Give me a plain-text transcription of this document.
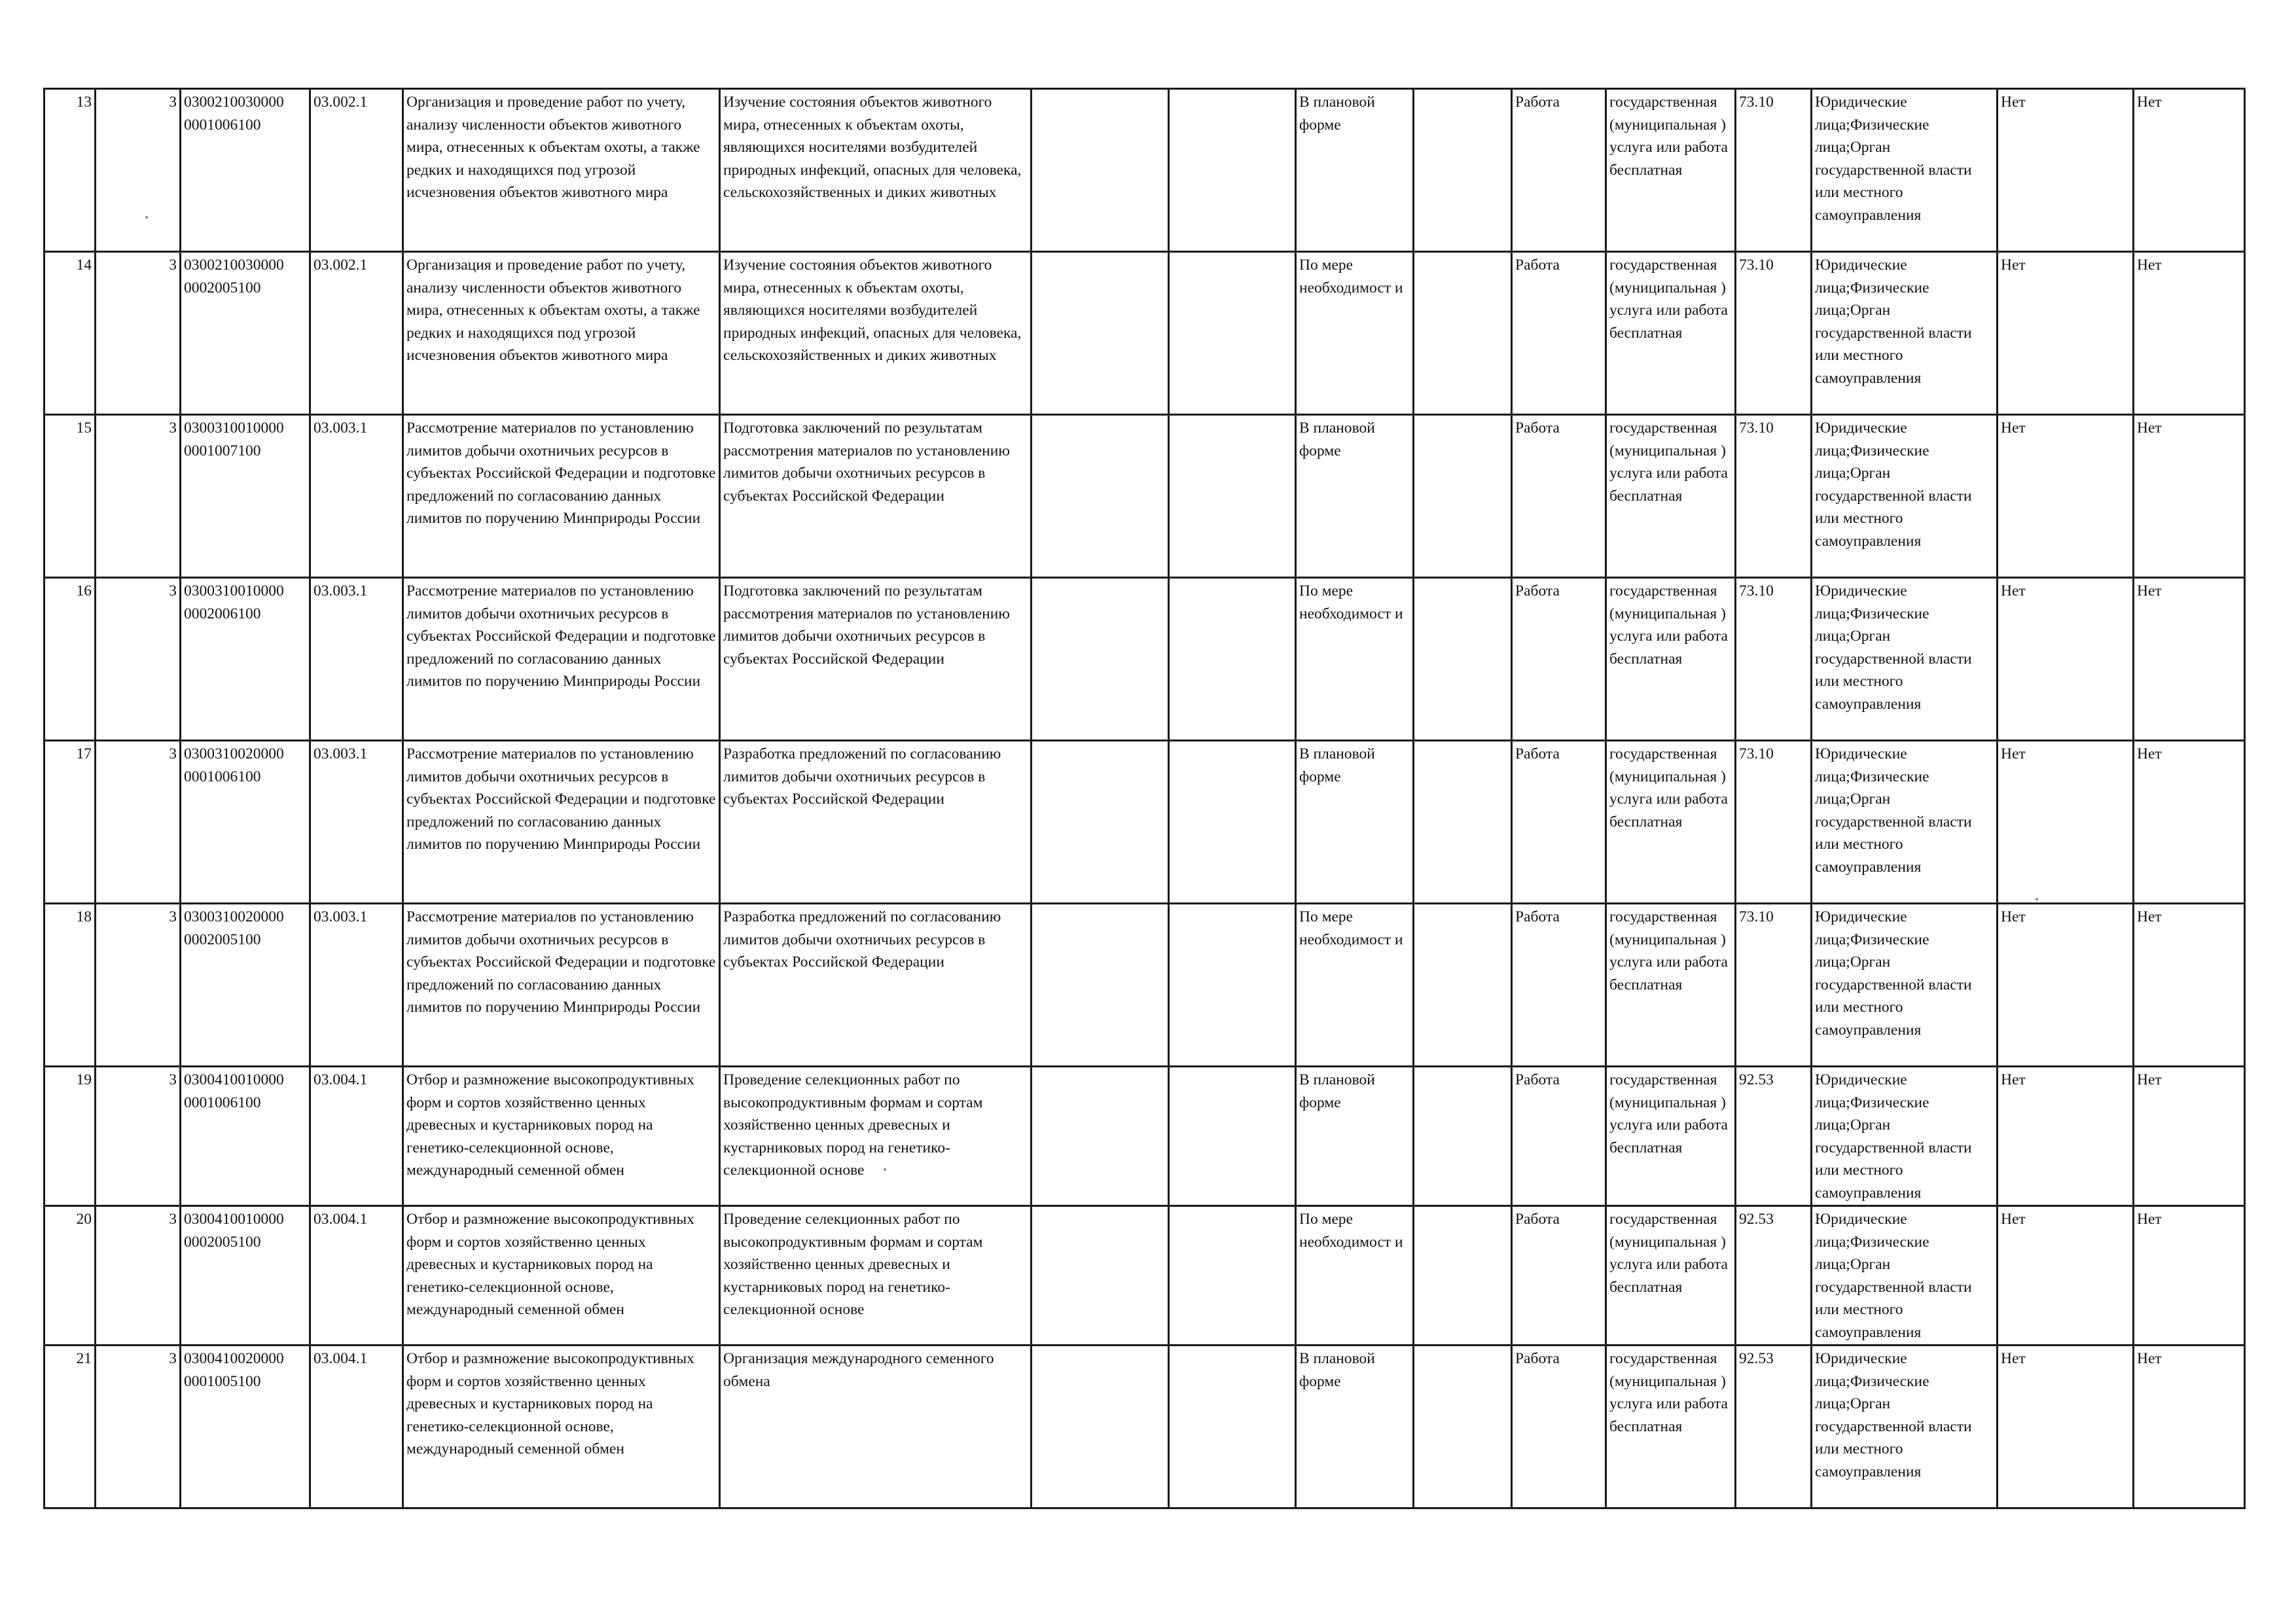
13	3	0300210030000 0001006100	03.002.1	Организация и проведение работ по учету, анализу численности объектов животного мира, отнесенных к объектам охоты, а также редких и находящихся под угрозой исчезновения объектов животного мира	Изучение состояния объектов животного мира, отнесенных к объектам охоты, являющихся носителями возбудителей природных инфекций, опасных для человека, сельскохозяйственных и диких животных			В плановой форме		Работа	государственная (муниципальная ) услуга или работа бесплатная	73.10	Юридические лица;Физические лица;Орган государственной власти или местного самоуправления	Нет	Нет
14	3	0300210030000 0002005100	03.002.1	Организация и проведение работ по учету, анализу численности объектов животного мира, отнесенных к объектам охоты, а также редких и находящихся под угрозой исчезновения объектов животного мира	Изучение состояния объектов животного мира, отнесенных к объектам охоты, являющихся носителями возбудителей природных инфекций, опасных для человека, сельскохозяйственных и диких животных			По мере необходимост и		Работа	государственная (муниципальная ) услуга или работа бесплатная	73.10	Юридические лица;Физические лица;Орган государственной власти или местного самоуправления	Нет	Нет
15	3	0300310010000 0001007100	03.003.1	Рассмотрение материалов по установлению лимитов добычи охотничьих ресурсов в субъектах Российской Федерации и подготовке предложений по согласованию данных лимитов по поручению Минприроды России	Подготовка заключений по результатам рассмотрения материалов по установлению лимитов добычи охотничьих ресурсов в субъектах Российской Федерации			В плановой форме		Работа	государственная (муниципальная ) услуга или работа бесплатная	73.10	Юридические лица;Физические лица;Орган государственной власти или местного самоуправления	Нет	Нет
16	3	0300310010000 0002006100	03.003.1	Рассмотрение материалов по установлению лимитов добычи охотничьих ресурсов в субъектах Российской Федерации и подготовке предложений по согласованию данных лимитов по поручению Минприроды России	Подготовка заключений по результатам рассмотрения материалов по установлению лимитов добычи охотничьих ресурсов в субъектах Российской Федерации			По мере необходимост и		Работа	государственная (муниципальная ) услуга или работа бесплатная	73.10	Юридические лица;Физические лица;Орган государственной власти или местного самоуправления	Нет	Нет
17	3	0300310020000 0001006100	03.003.1	Рассмотрение материалов по установлению лимитов добычи охотничьих ресурсов в субъектах Российской Федерации и подготовке предложений по согласованию данных лимитов по поручению Минприроды России	Разработка предложений по согласованию лимитов добычи охотничьих ресурсов в субъектах Российской Федерации			В плановой форме		Работа	государственная (муниципальная ) услуга или работа бесплатная	73.10	Юридические лица;Физические лица;Орган государственной власти или местного самоуправления	Нет	Нет
18	3	0300310020000 0002005100	03.003.1	Рассмотрение материалов по установлению лимитов добычи охотничьих ресурсов в субъектах Российской Федерации и подготовке предложений по согласованию данных лимитов по поручению Минприроды России	Разработка предложений по согласованию лимитов добычи охотничьих ресурсов в субъектах Российской Федерации			По мере необходимост и		Работа	государственная (муниципальная ) услуга или работа бесплатная	73.10	Юридические лица;Физические лица;Орган государственной власти или местного самоуправления	Нет	Нет
19	3	0300410010000 0001006100	03.004.1	Отбор и размножение высокопродуктивных форм и сортов хозяйственно ценных древесных и кустарниковых пород на генетико-селекционной основе, международный семенной обмен	Проведение селекционных работ по высокопродуктивным формам и сортам хозяйственно ценных древесных и кустарниковых пород на генетико-селекционной основе			В плановой форме		Работа	государственная (муниципальная ) услуга или работа бесплатная	92.53	Юридические лица;Физические лица;Орган государственной власти или местного самоуправления	Нет	Нет
20	3	0300410010000 0002005100	03.004.1	Отбор и размножение высокопродуктивных форм и сортов хозяйственно ценных древесных и кустарниковых пород на генетико-селекционной основе, международный семенной обмен	Проведение селекционных работ по высокопродуктивным формам и сортам хозяйственно ценных древесных и кустарниковых пород на генетико-селекционной основе			По мере необходимост и		Работа	государственная (муниципальная ) услуга или работа бесплатная	92.53	Юридические лица;Физические лица;Орган государственной власти или местного самоуправления	Нет	Нет
21	3	0300410020000 0001005100	03.004.1	Отбор и размножение высокопродуктивных форм и сортов хозяйственно ценных древесных и кустарниковых пород на генетико-селекционной основе, международный семенной обмен	Организация международного семенного обмена			В плановой форме		Работа	государственная (муниципальная ) услуга или работа бесплатная	92.53	Юридические лица;Физические лица;Орган государственной власти или местного самоуправления	Нет	Нет
